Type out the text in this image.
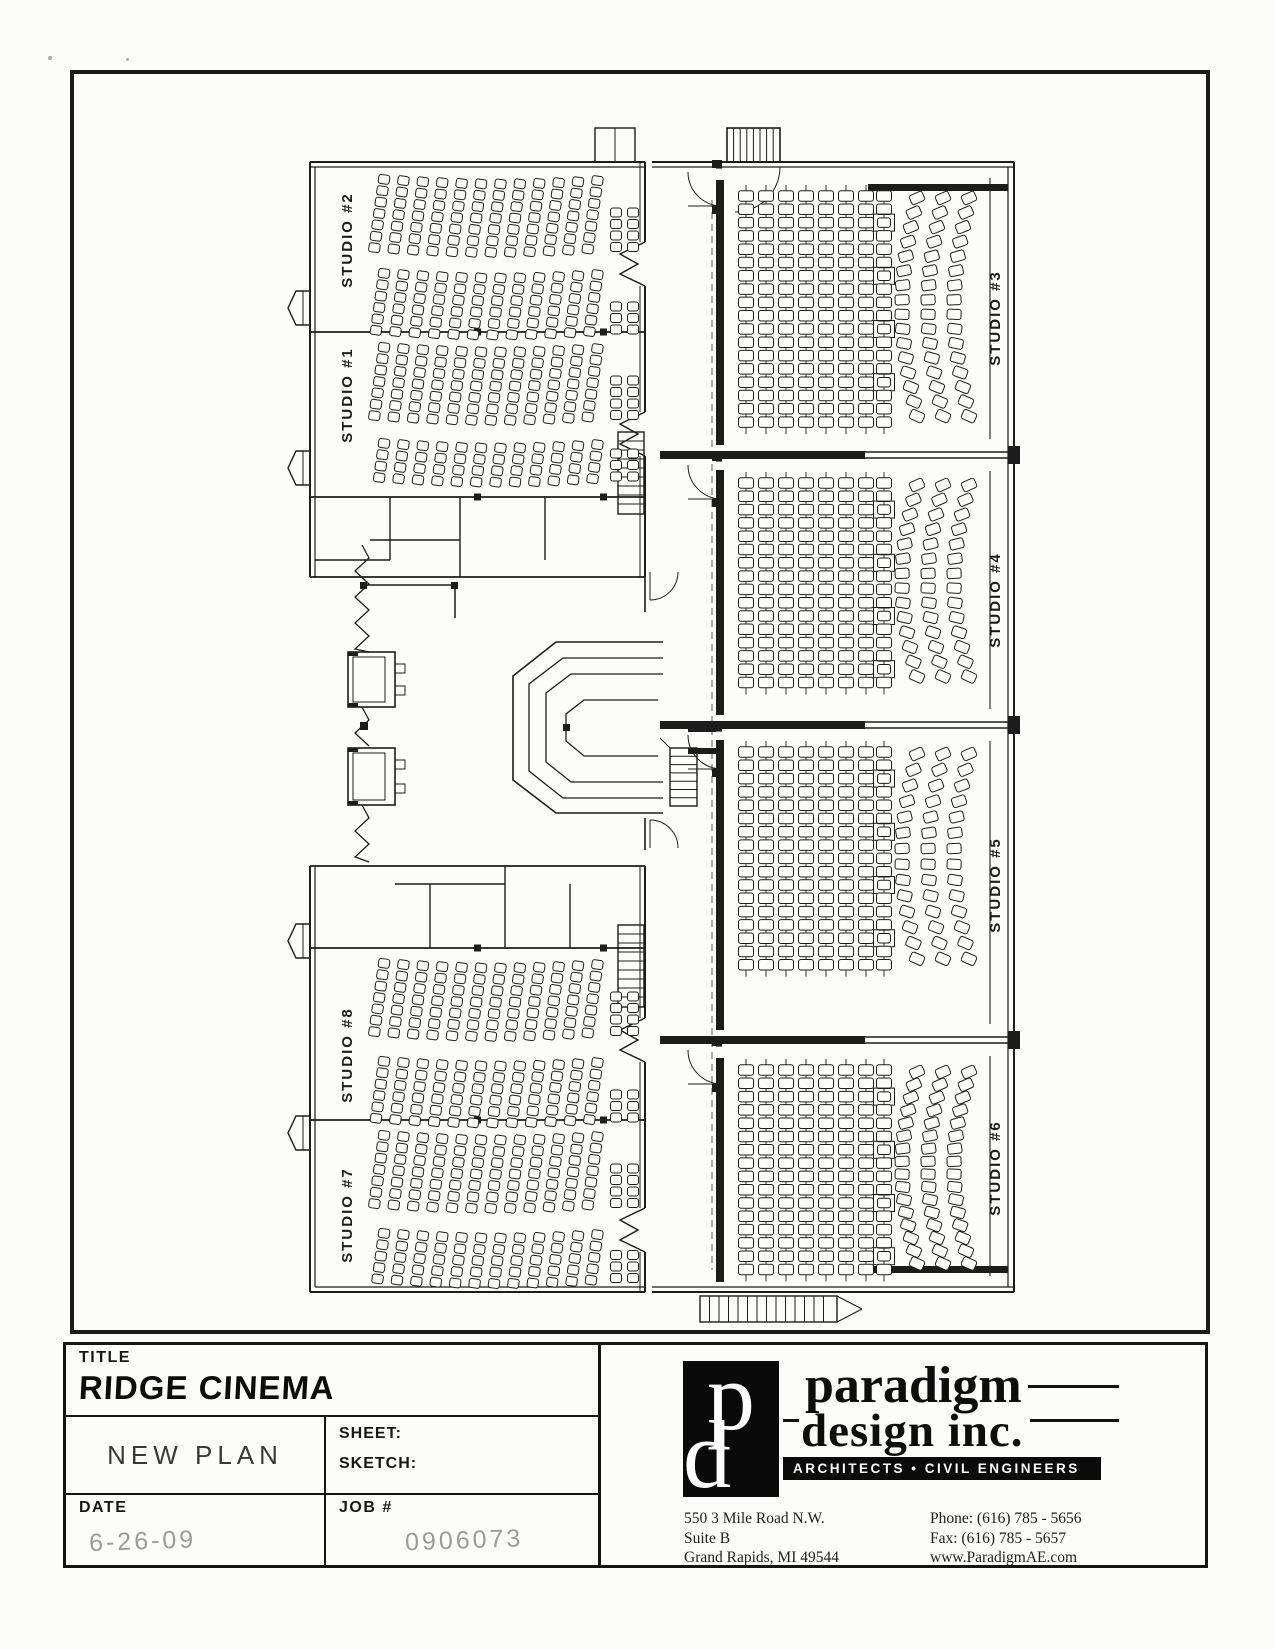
STUDIO #2
STUDIO #1
STUDIO #8
STUDIO #7
STUDIO #3
STUDIO #4
STUDIO #5
STUDIO #6
TITLE
RIDGE CINEMA
NEW PLAN
SHEET:
SKETCH:
DATE
6-26-09
JOB #
0906073
p
d
paradigm
design inc.
ARCHITECTS • CIVIL ENGINEERS
550 3 Mile Road N.W.
Suite B
Grand Rapids, MI 49544
Phone: (616) 785 - 5656
Fax: (616) 785 - 5657
www.ParadigmAE.com
